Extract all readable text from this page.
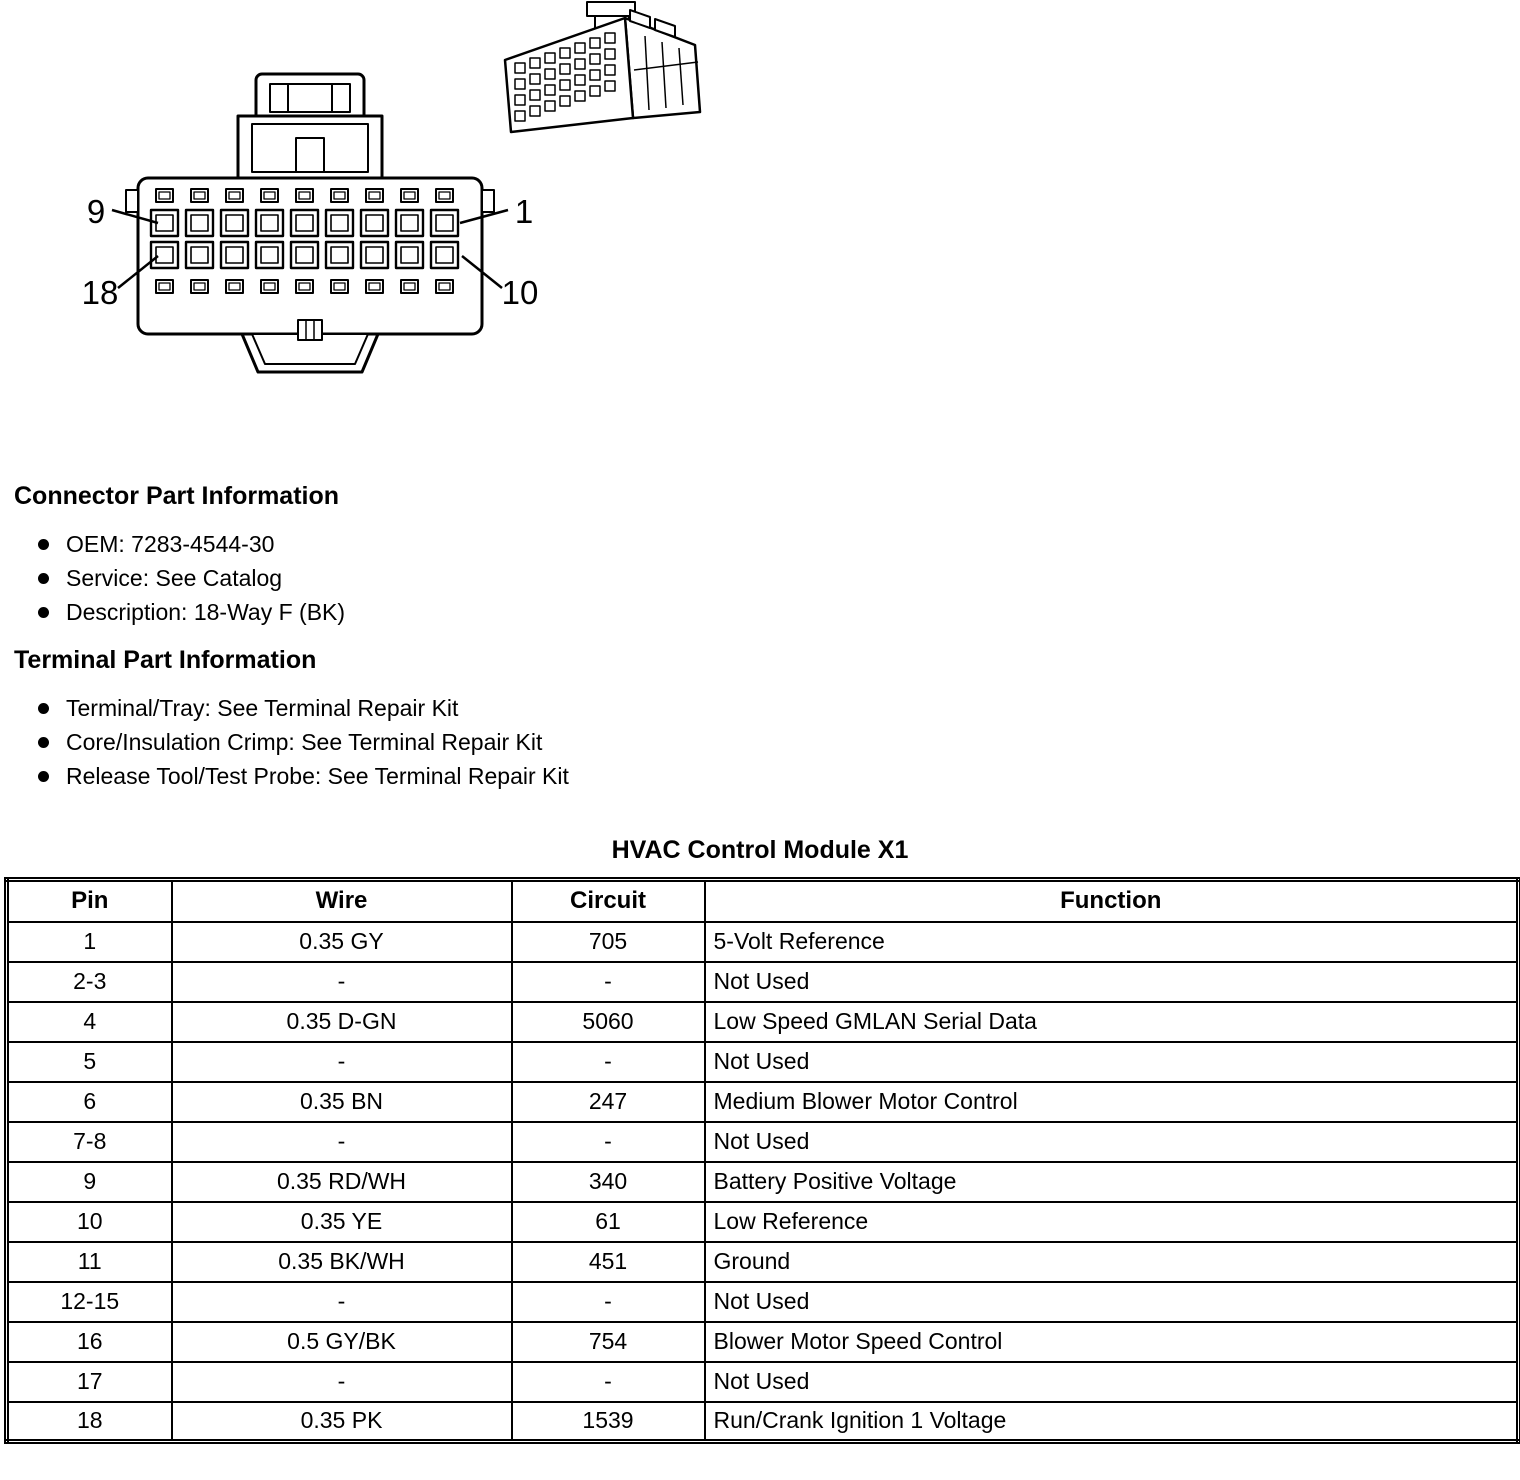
9	1
18	10
Connector Part Information
OEM: 7283-4544-30
Service: See Catalog
Description: 18-Way F (BK)
Terminal Part Information
Terminal/Tray: See Terminal Repair Kit
Core/Insulation Crimp: See Terminal Repair Kit
Release Tool/Test Probe: See Terminal Repair Kit
HVAC Control Module X1
Pin	Wire	Circuit	Function
1	0.35 GY	705	5-Volt Reference
2-3	-	-	Not Used
4	0.35 D-GN	5060	Low Speed GMLAN Serial Data
5	-	-	Not Used
6	0.35 BN	247	Medium Blower Motor Control
7-8	-	-	Not Used
9	0.35 RD/WH	340	Battery Positive Voltage
10	0.35 YE	61	Low Reference
11	0.35 BK/WH	451	Ground
12-15	-	-	Not Used
16	0.5 GY/BK	754	Blower Motor Speed Control
17	-	-	Not Used
18	0.35 PK	1539	Run/Crank Ignition 1 Voltage
